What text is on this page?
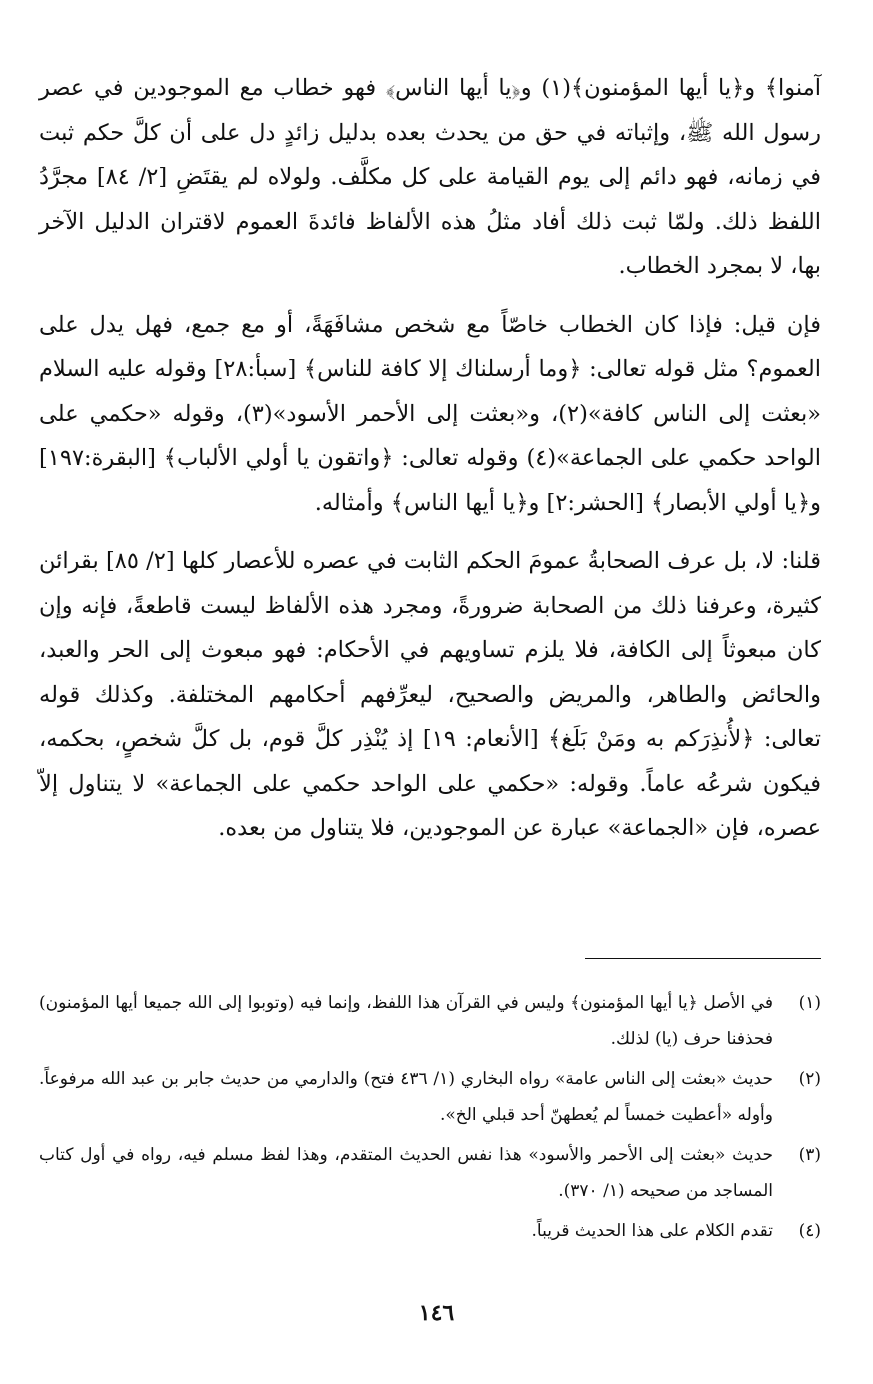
آمنوا﴾ و﴿يا أيها المؤمنون﴾(١) و﴿يا أيها الناس﴾ فهو خطاب مع الموجودين في عصر رسول الله ﷺ، وإثباته في حق من يحدث بعده بدليل زائدٍ دل على أن كلَّ حكم ثبت في زمانه، فهو دائم إلى يوم القيامة على كل مكلَّف. ولولاه لم يقتَضِ [٢/ ٨٤] مجرَّدُ اللفظ ذلك. ولمّا ثبت ذلك أفاد مثلُ هذه الألفاظ فائدةَ العموم لاقتران الدليل الآخر بها، لا بمجرد الخطاب.

فإن قيل: فإذا كان الخطاب خاصّاً مع شخص مشافَهَةً، أو مع جمع، فهل يدل على العموم؟ مثل قوله تعالى: ﴿وما أرسلناك إلا كافة للناس﴾ [سبأ:٢٨] وقوله عليه السلام «بعثت إلى الناس كافة»(٢)، و«بعثت إلى الأحمر الأسود»(٣)، وقوله «حكمي على الواحد حكمي على الجماعة»(٤) وقوله تعالى: ﴿واتقون يا أولي الألباب﴾ [البقرة:١٩٧] و﴿يا أولي الأبصار﴾ [الحشر:٢] و﴿يا أيها الناس﴾ وأمثاله.

قلنا: لا، بل عرف الصحابةُ عمومَ الحكم الثابت في عصره للأعصار كلها [٢/ ٨٥] بقرائن كثيرة، وعرفنا ذلك من الصحابة ضرورةً، ومجرد هذه الألفاظ ليست قاطعةً، فإنه وإن كان مبعوثاً إلى الكافة، فلا يلزم تساويهم في الأحكام: فهو مبعوث إلى الحر والعبد، والحائض والطاهر، والمريض والصحيح، ليعرِّفهم أحكامهم المختلفة. وكذلك قوله تعالى: ﴿لأُنذِرَكم به ومَنْ بَلَغ﴾ [الأنعام: ١٩] إذ يُنْذِر كلَّ قوم، بل كلَّ شخصٍ، بحكمه، فيكون شرعُه عاماً. وقوله: «حكمي على الواحد حكمي على الجماعة» لا يتناول إلاّ عصره، فإن «الجماعة» عبارة عن الموجودين، فلا يتناول من بعده.

(١)
في الأصل ﴿يا أيها المؤمنون﴾ وليس في القرآن هذا اللفظ، وإنما فيه (وتوبوا إلى الله جميعا أيها المؤمنون) فحذفنا حرف (يا) لذلك.
(٢)
حديث «بعثت إلى الناس عامة» رواه البخاري (١/ ٤٣٦ فتح) والدارمي من حديث جابر بن عبد الله مرفوعاً. وأوله «أعطيت خمساً لم يُعطهنّ أحد قبلي الخ».
(٣)
حديث «بعثت إلى الأحمر والأسود» هذا نفس الحديث المتقدم، وهذا لفظ مسلم فيه، رواه في أول كتاب المساجد من صحيحه (١/ ٣٧٠).
(٤)
تقدم الكلام على هذا الحديث قريباً.
١٤٦
